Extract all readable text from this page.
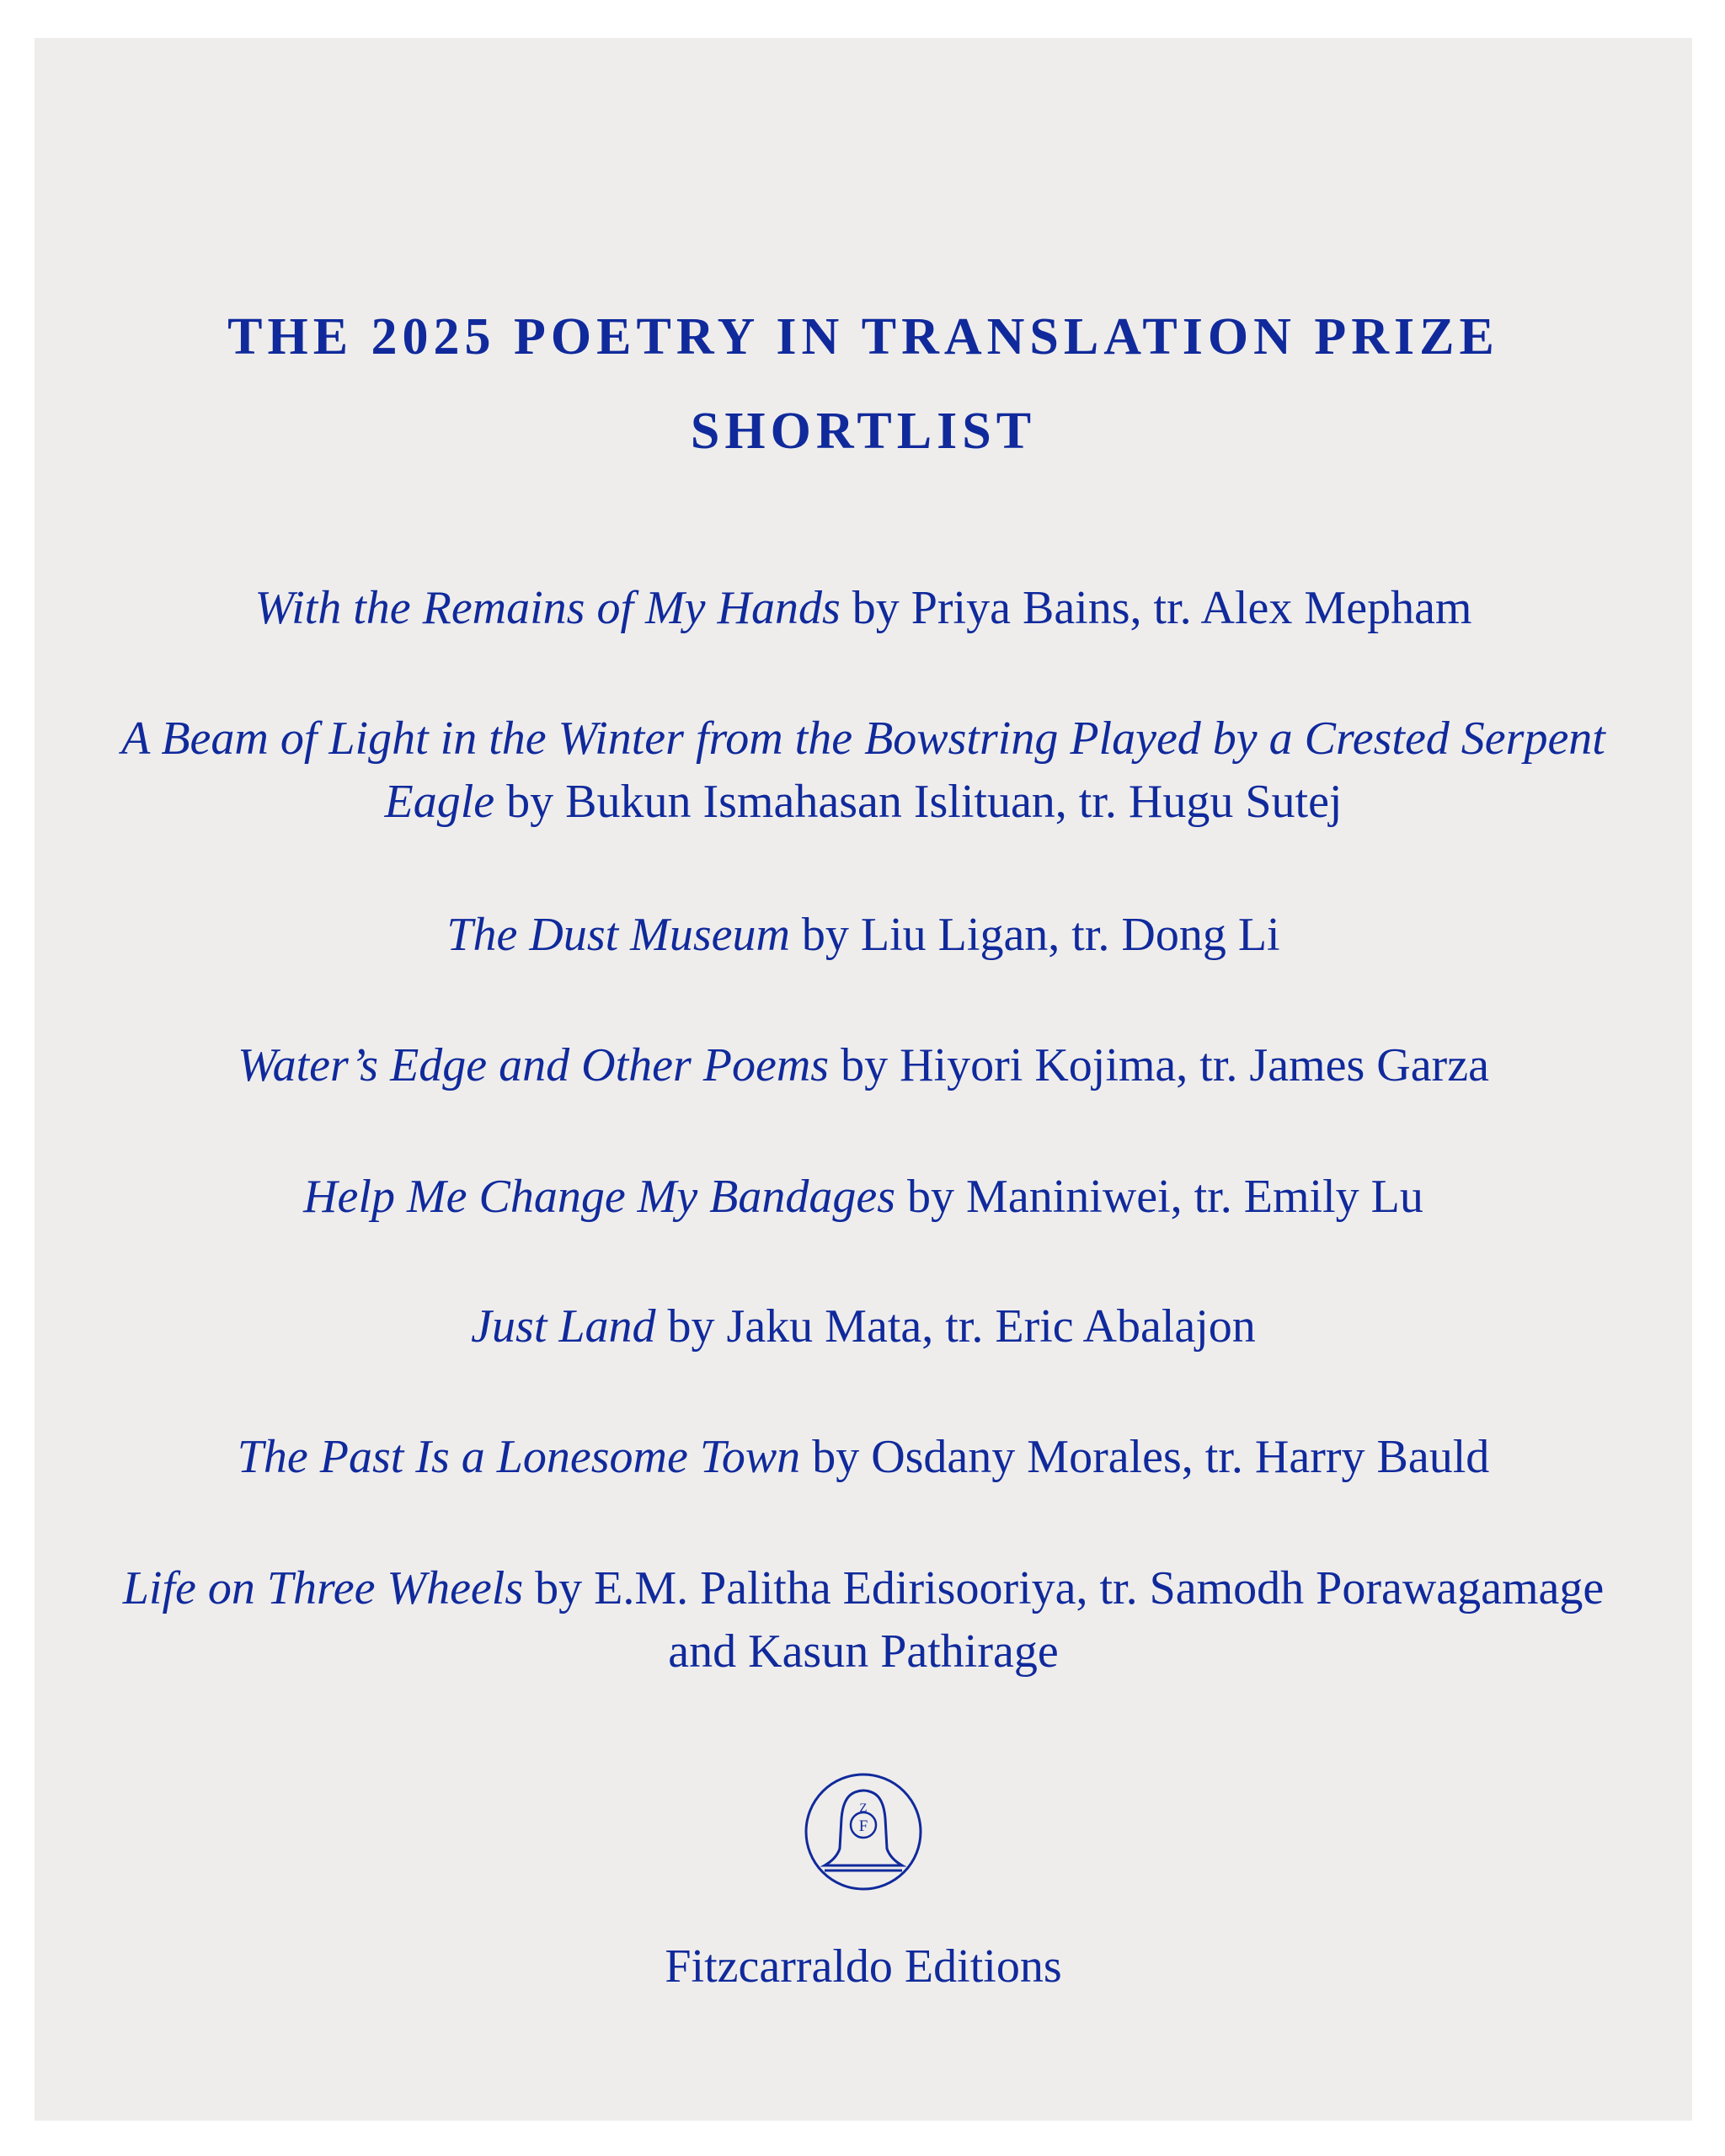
THE 2025 POETRY IN TRANSLATION PRIZE
SHORTLIST

With the Remains of My Hands by Priya Bains, tr. Alex Mepham

A Beam of Light in the Winter from the Bowstring Played by a Crested Serpent Eagle by Bukun Ismahasan Islituan, tr. Hugu Sutej

The Dust Museum by Liu Ligan, tr. Dong Li

Water’s Edge and Other Poems by Hiyori Kojima, tr. James Garza

Help Me Change My Bandages by Maniniwei, tr. Emily Lu

Just Land by Jaku Mata, tr. Eric Abalajon

The Past Is a Lonesome Town by Osdany Morales, tr. Harry Bauld

Life on Three Wheels by E.M. Palitha Edirisooriya, tr. Samodh Porawagamage and Kasun Pathirage

Z
F

Fitzcarraldo Editions
